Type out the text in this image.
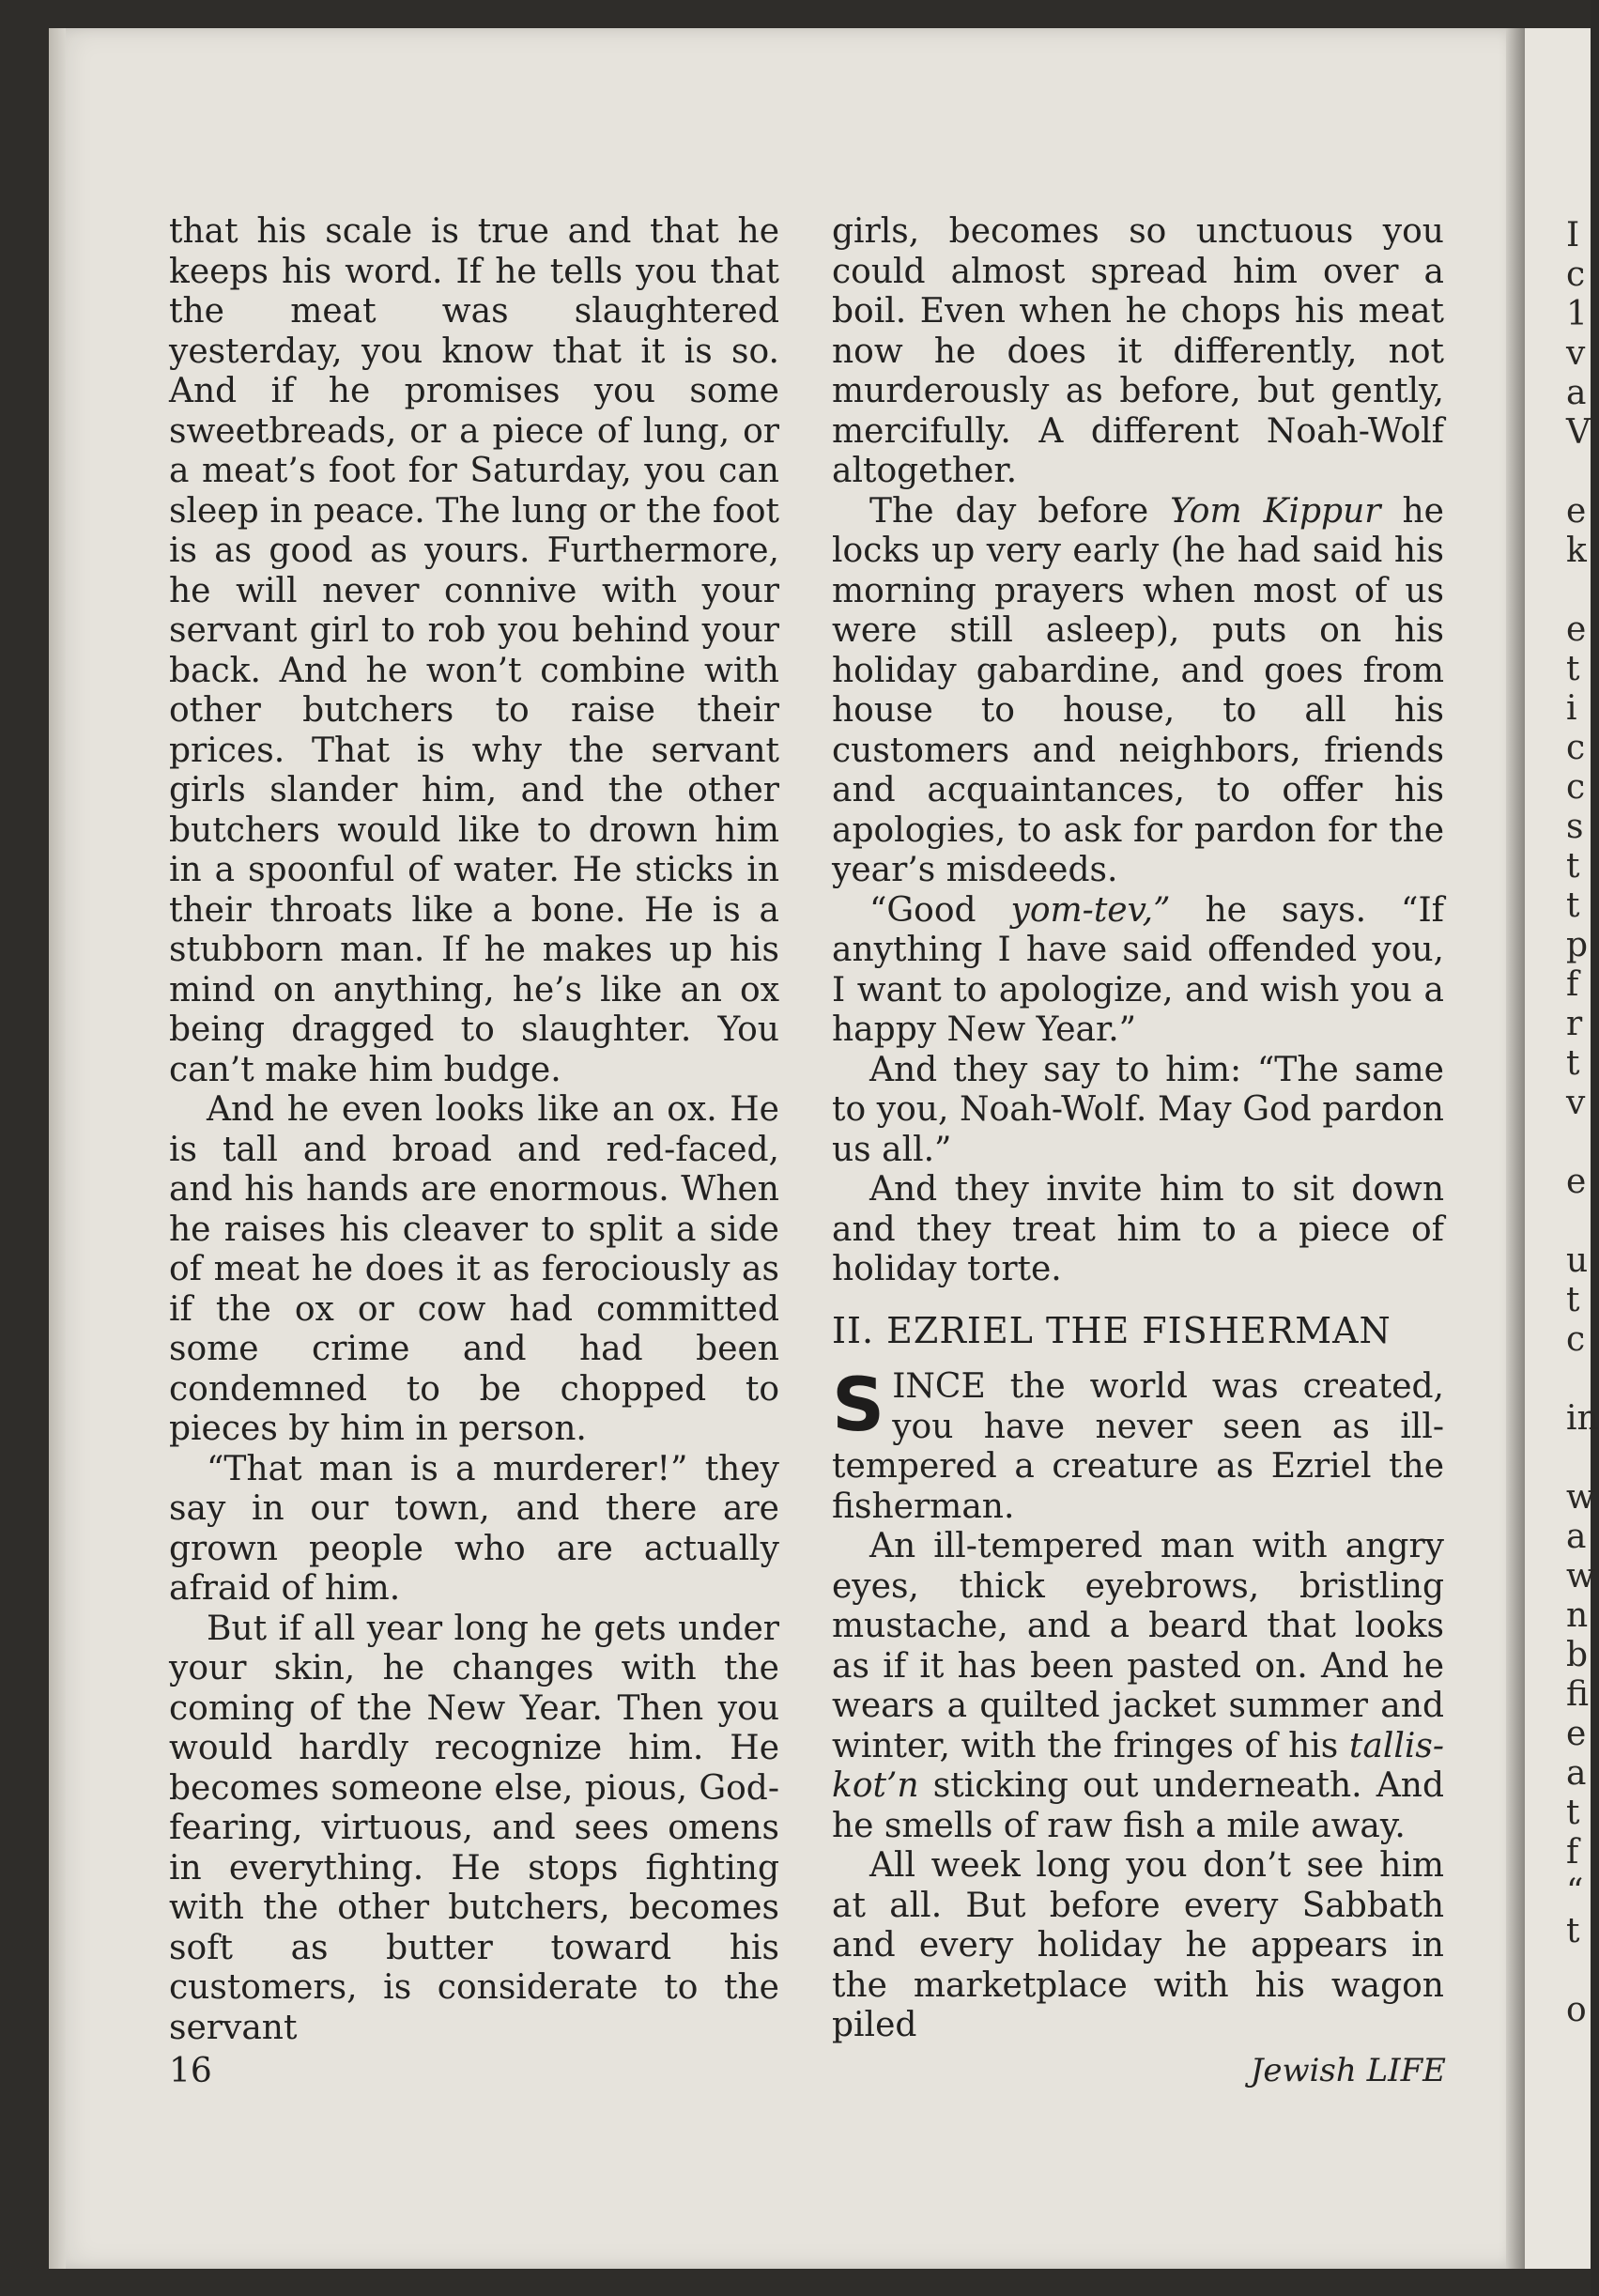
I
c
1
v
a
V

e
k

e
t
i
c
c
s
t
t
p
f
r
t
v

e

u
t
c

in

w
a
w
n
b
fi
e
a
t
f
“
t

o

that his scale is true and that he keeps his word. If he tells you that the meat was slaughtered yesterday, you know that it is so. And if he promises you some sweetbreads, or a piece of lung, or a meat’s foot for Saturday, you can sleep in peace. The lung or the foot is as good as yours. Furthermore, he will never connive with your servant girl to rob you behind your back. And he won’t combine with other butchers to raise their prices. That is why the servant girls slander him, and the other butchers would like to drown him in a spoonful of water. He sticks in their throats like a bone. He is a stubborn man. If he makes up his mind on anything, he’s like an ox being dragged to slaughter. You can’t make him budge.

And he even looks like an ox. He is tall and broad and red-faced, and his hands are enormous. When he raises his cleaver to split a side of meat he does it as ferociously as if the ox or cow had committed some crime and had been condemned to be chopped to pieces by him in person.

“That man is a murderer!” they say in our town, and there are grown people who are actually afraid of him.

But if all year long he gets under your skin, he changes with the coming of the New Year. Then you would hardly recognize him. He becomes someone else, pious, God-fearing, virtuous, and sees omens in everything. He stops fighting with the other butchers, becomes soft as butter toward his customers, is considerate to the servant

girls, becomes so unctuous you could almost spread him over a boil. Even when he chops his meat now he does it differently, not murderously as before, but gently, mercifully. A different Noah-Wolf altogether.

The day before Yom Kippur he locks up very early (he had said his morning prayers when most of us were still asleep), puts on his holiday gabardine, and goes from house to house, to all his customers and neighbors, friends and acquaintances, to offer his apologies, to ask for pardon for the year’s misdeeds.

“Good yom-tev,” he says. “If anything I have said offended you, I want to apologize, and wish you a happy New Year.”

And they say to him: “The same to you, Noah-Wolf. May God pardon us all.”

And they invite him to sit down and they treat him to a piece of holiday torte.

II. EZRIEL THE FISHERMAN

SINCE the world was created, you have never seen as ill-tempered a creature as Ezriel the fisherman.

An ill-tempered man with angry eyes, thick eyebrows, bristling mustache, and a beard that looks as if it has been pasted on. And he wears a quilted jacket summer and winter, with the fringes of his tallis-kot’n sticking out underneath. And he smells of raw fish a mile away.

All week long you don’t see him at all. But before every Sabbath and every holiday he appears in the marketplace with his wagon piled

16	Jewish LIFE
